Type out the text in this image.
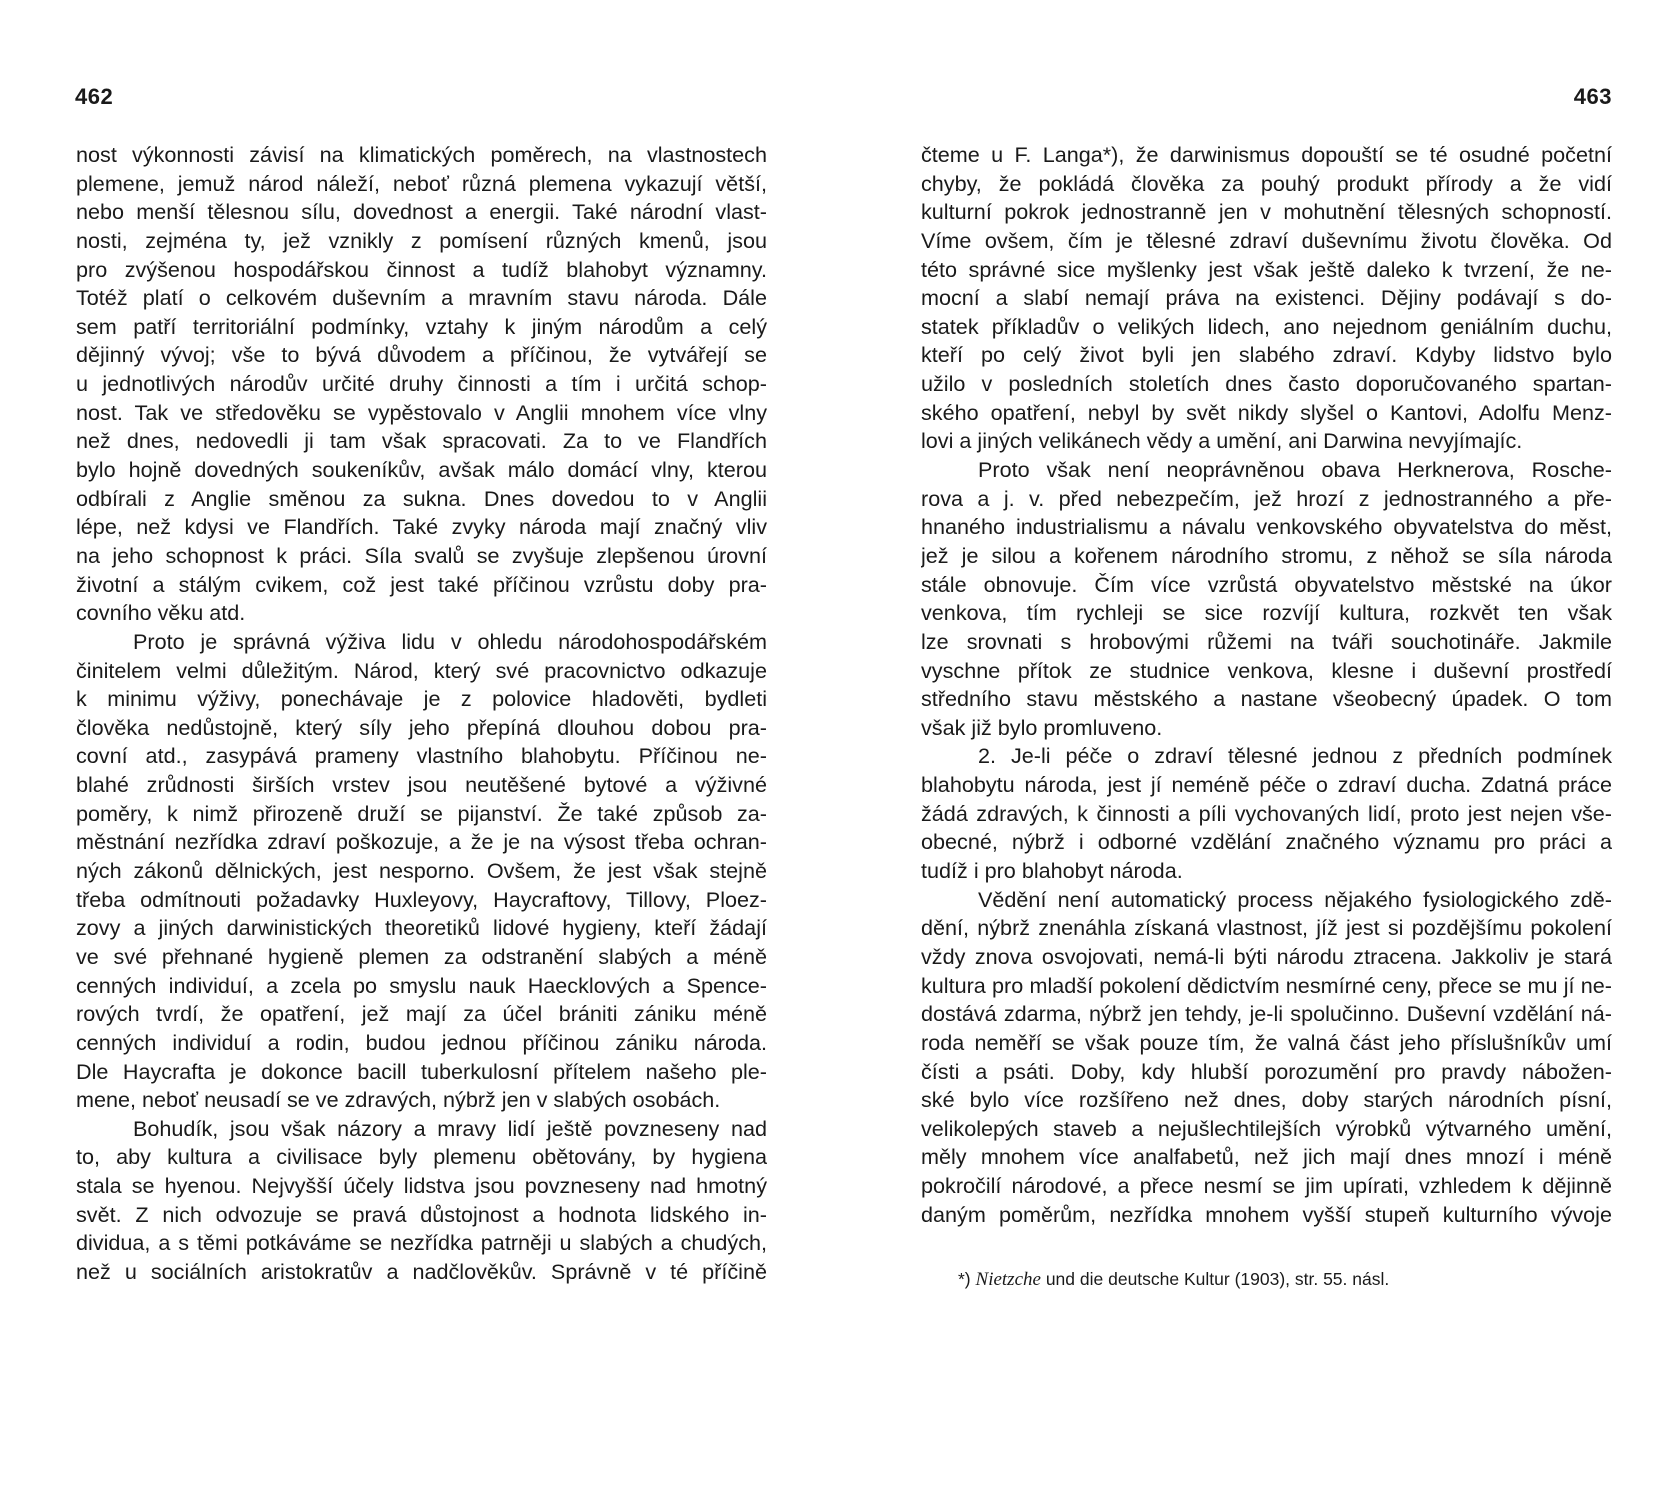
462
nost výkonnosti závisí na klimatických poměrech, na vlastnostech
plemene, jemuž národ náleží, neboť různá plemena vykazují větší,
nebo menší tělesnou sílu, dovednost a energii. Také národní vlast-
nosti, zejména ty, jež vznikly z pomísení různých kmenů, jsou
pro zvýšenou hospodářskou činnost a tudíž blahobyt významny.
Totéž platí o celkovém duševním a mravním stavu národa. Dále
sem patří territoriální podmínky, vztahy k jiným národům a celý
dějinný vývoj; vše to bývá důvodem a příčinou, že vytvářejí se
u jednotlivých národův určité druhy činnosti a tím i určitá schop-
nost. Tak ve středověku se vypěstovalo v Anglii mnohem více vlny
než dnes, nedovedli ji tam však spracovati. Za to ve Flandřích
bylo hojně dovedných soukeníkův, avšak málo domácí vlny, kterou
odbírali z Anglie směnou za sukna. Dnes dovedou to v Anglii
lépe, než kdysi ve Flandřích. Také zvyky národa mají značný vliv
na jeho schopnost k práci. Síla svalů se zvyšuje zlepšenou úrovní
životní a stálým cvikem, což jest také příčinou vzrůstu doby pra-
covního věku atd.
Proto je správná výživa lidu v ohledu národohospodářském
činitelem velmi důležitým. Národ, který své pracovnictvo odkazuje
k minimu výživy, ponechávaje je z polovice hladověti, bydleti
člověka nedůstojně, který síly jeho přepíná dlouhou dobou pra-
covní atd., zasypává prameny vlastního blahobytu. Příčinou ne-
blahé zrůdnosti širších vrstev jsou neutěšené bytové a výživné
poměry, k nimž přirozeně druží se pijanství. Že také způsob za-
městnání nezřídka zdraví poškozuje, a že je na výsost třeba ochran-
ných zákonů dělnických, jest nesporno. Ovšem, že jest však stejně
třeba odmítnouti požadavky Huxleyovy, Haycraftovy, Tillovy, Ploez-
zovy a jiných darwinistických theoretiků lidové hygieny, kteří žádají
ve své přehnané hygieně plemen za odstranění slabých a méně
cenných individuí, a zcela po smyslu nauk Haecklových a Spence-
rových tvrdí, že opatření, jež mají za účel brániti zániku méně
cenných individuí a rodin, budou jednou příčinou zániku národa.
Dle Haycrafta je dokonce bacill tuberkulosní přítelem našeho ple-
mene, neboť neusadí se ve zdravých, nýbrž jen v slabých osobách.
Bohudík, jsou však názory a mravy lidí ještě povzneseny nad
to, aby kultura a civilisace byly plemenu obětovány, by hygiena
stala se hyenou. Nejvyšší účely lidstva jsou povzneseny nad hmotný
svět. Z nich odvozuje se pravá důstojnost a hodnota lidského in-
dividua, a s těmi potkáváme se nezřídka patrněji u slabých a chudých,
než u sociálních aristokratův a nadčlověkův. Správně v té příčině
463
čteme u F. Langa*), že darwinismus dopouští se té osudné početní
chyby, že pokládá člověka za pouhý produkt přírody a že vidí
kulturní pokrok jednostranně jen v mohutnění tělesných schopností.
Víme ovšem, čím je tělesné zdraví duševnímu životu člověka. Od
této správné sice myšlenky jest však ještě daleko k tvrzení, že ne-
mocní a slabí nemají práva na existenci. Dějiny podávají s do-
statek příkladův o velikých lidech, ano nejednom geniálním duchu,
kteří po celý život byli jen slabého zdraví. Kdyby lidstvo bylo
užilo v posledních stoletích dnes často doporučovaného spartan-
ského opatření, nebyl by svět nikdy slyšel o Kantovi, Adolfu Menz-
lovi a jiných velikánech vědy a umění, ani Darwina nevyjímajíc.
Proto však není neoprávněnou obava Herknerova, Rosche-
rova a j. v. před nebezpečím, jež hrozí z jednostranného a pře-
hnaného industrialismu a návalu venkovského obyvatelstva do měst,
jež je silou a kořenem národního stromu, z něhož se síla národa
stále obnovuje. Čím více vzrůstá obyvatelstvo městské na úkor
venkova, tím rychleji se sice rozvíjí kultura, rozkvět ten však
lze srovnati s hrobovými růžemi na tváři souchotináře. Jakmile
vyschne přítok ze studnice venkova, klesne i duševní prostředí
středního stavu městského a nastane všeobecný úpadek. O tom
však již bylo promluveno.
2. Je-li péče o zdraví tělesné jednou z předních podmínek
blahobytu národa, jest jí neméně péče o zdraví ducha. Zdatná práce
žádá zdravých, k činnosti a píli vychovaných lidí, proto jest nejen vše-
obecné, nýbrž i odborné vzdělání značného významu pro práci a
tudíž i pro blahobyt národa.
Vědění není automatický process nějakého fysiologického zdě-
dění, nýbrž znenáhla získaná vlastnost, jíž jest si pozdějšímu pokolení
vždy znova osvojovati, nemá-li býti národu ztracena. Jakkoliv je stará
kultura pro mladší pokolení dědictvím nesmírné ceny, přece se mu jí ne-
dostává zdarma, nýbrž jen tehdy, je-li spolučinno. Duševní vzdělání ná-
roda neměří se však pouze tím, že valná část jeho příslušníkův umí
čísti a psáti. Doby, kdy hlubší porozumění pro pravdy nábožen-
ské bylo více rozšířeno než dnes, doby starých národních písní,
velikolepých staveb a nejušlechtilejších výrobků výtvarného umění,
měly mnohem více analfabetů, než jich mají dnes mnozí i méně
pokročilí národové, a přece nesmí se jim upírati, vzhledem k dějinně
daným poměrům, nezřídka mnohem vyšší stupeň kulturního vývoje
*) Nietzche und die deutsche Kultur (1903), str. 55. násl.
